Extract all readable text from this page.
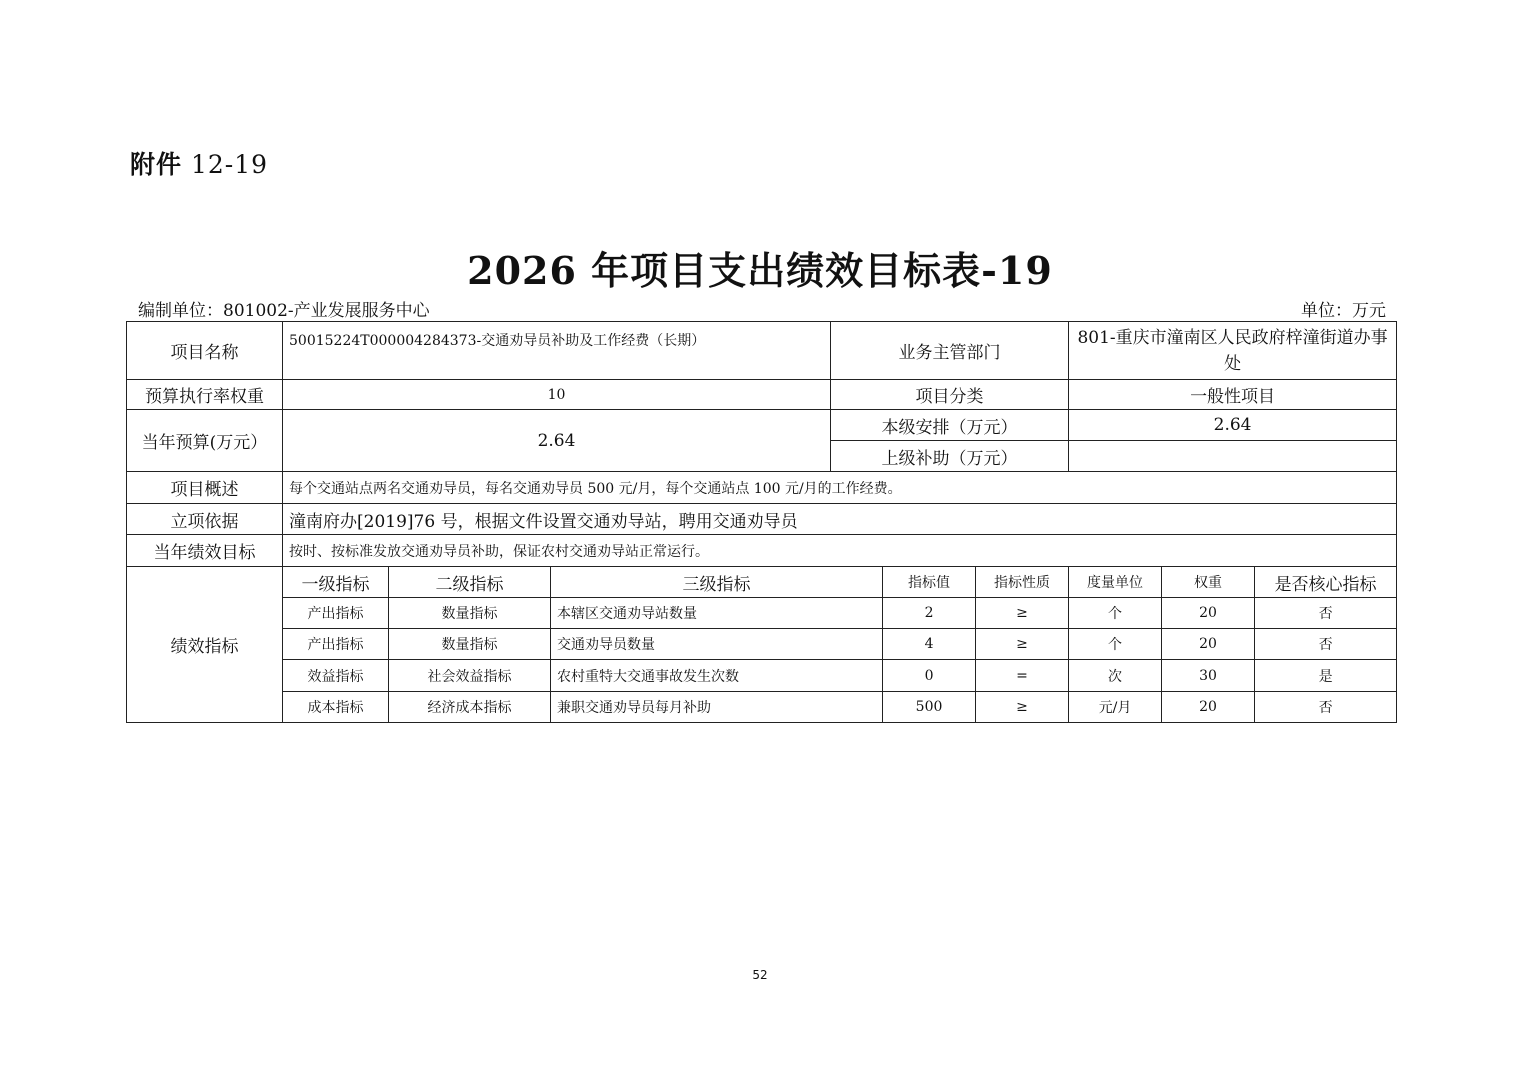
附件 12-19
2026 年项目支出绩效目标表-19
编制单位：801002-产业发展服务中心	单位：万元
项目名称	50015224T000004284373-交通劝导员补助及工作经费（长期）			业务主管部门			801-重庆市潼南区人民政府梓潼街道办事处		
预算执行率权重	10			项目分类			一般性项目		
当年预算(万元）	2.64			本级安排（万元）			2.64		
				上级补助（万元）					
项目概述	每个交通站点两名交通劝导员，每名交通劝导员 500 元/月，每个交通站点 100 元/月的工作经费。								
立项依据	潼南府办[2019]76 号，根据文件设置交通劝导站，聘用交通劝导员								
当年绩效目标	按时、按标准发放交通劝导员补助，保证农村交通劝导站正常运行。								
绩效指标	一级指标	二级指标	三级指标		指标值	指标性质	度量单位	权重	是否核心指标
	产出指标	数量指标	本辖区交通劝导站数量		2	≥	个	20	否
	产出指标	数量指标	交通劝导员数量		4	≥	个	20	否
	效益指标	社会效益指标	农村重特大交通事故发生次数		0	=	次	30	是
	成本指标	经济成本指标	兼职交通劝导员每月补助		500	≥	元/月	20	否
52
